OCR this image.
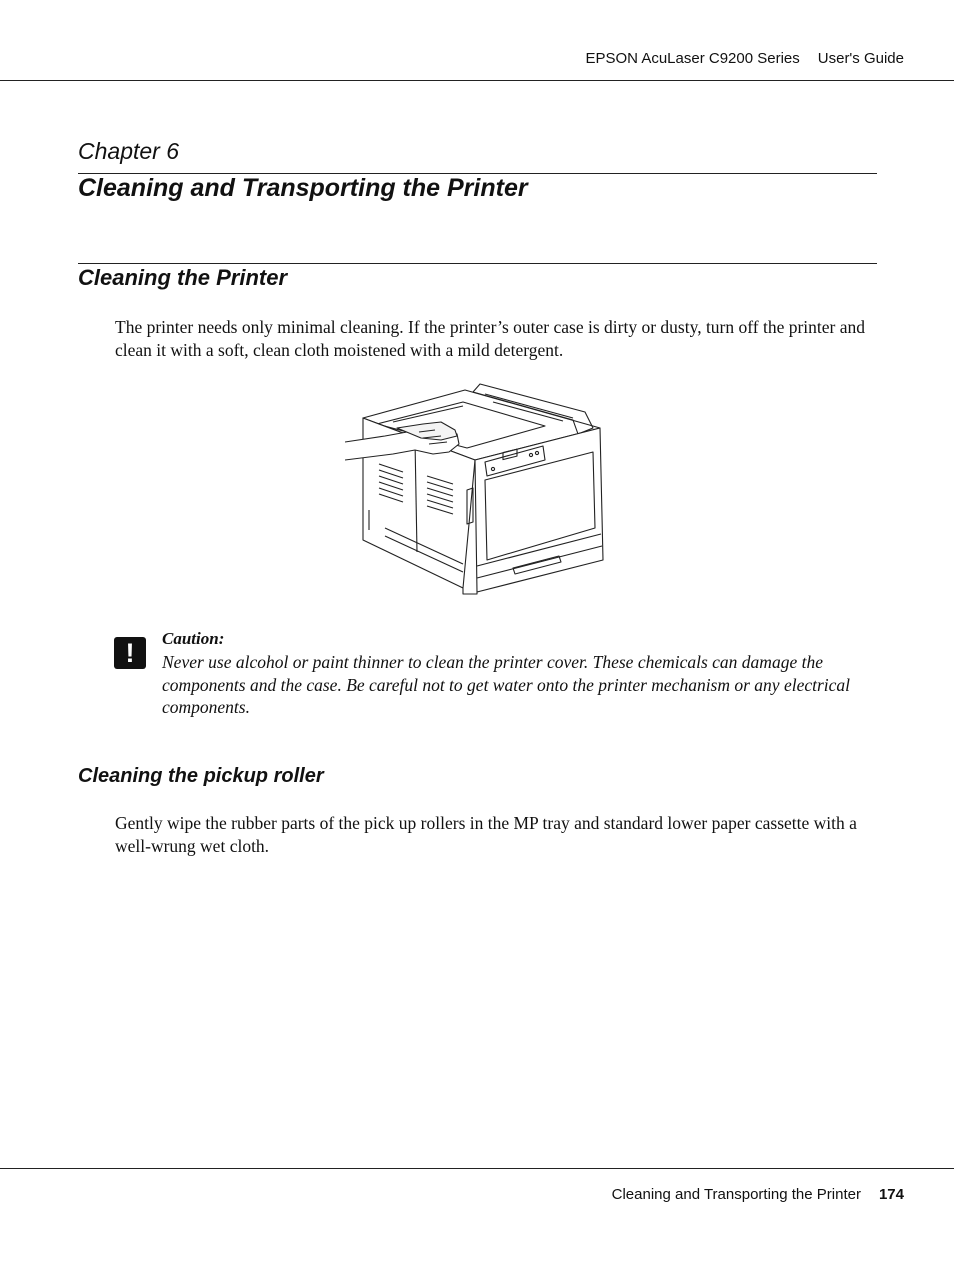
EPSON AcuLaser C9200 Series User's Guide
Chapter 6
Cleaning and Transporting the Printer
Cleaning the Printer
The printer needs only minimal cleaning. If the printer’s outer case is dirty or dusty, turn off the printer and clean it with a soft, clean cloth moistened with a mild detergent.
!	Caution:
Never use alcohol or paint thinner to clean the printer cover. These chemicals can damage the components and the case. Be careful not to get water onto the printer mechanism or any electrical components.
Cleaning the pickup roller
Gently wipe the rubber parts of the pick up rollers in the MP tray and standard lower paper cassette with a well-wrung wet cloth.
Cleaning and Transporting the Printer 174
